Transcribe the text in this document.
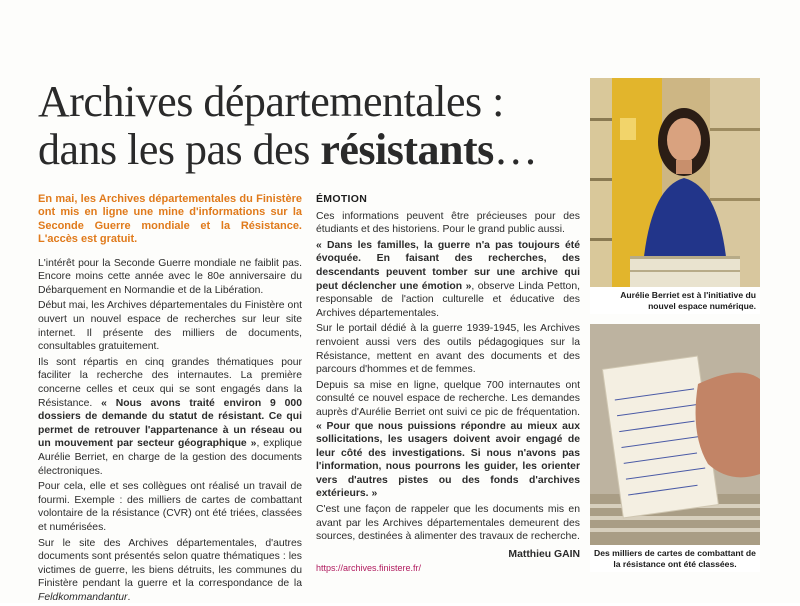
Archives départementales :
dans les pas des résistants…

En mai, les Archives départementales du Finistère ont mis en ligne une mine d'informations sur la Seconde Guerre mondiale et la Résistance. L'accès est gratuit.

L'intérêt pour la Seconde Guerre mondiale ne faiblit pas. Encore moins cette année avec le 80e anniversaire du Débarquement en Normandie et de la Libération.

Début mai, les Archives départementales du Finistère ont ouvert un nouvel espace de recherches sur leur site internet. Il présente des milliers de documents, consultables gratuitement.

Ils sont répartis en cinq grandes thématiques pour faciliter la recherche des internautes. La première concerne celles et ceux qui se sont engagés dans la Résistance. « Nous avons traité environ 9 000 dossiers de demande du statut de résistant. Ce qui permet de retrouver l'appartenance à un réseau ou un mouvement par secteur géographique », explique Aurélie Berriet, en charge de la gestion des documents électroniques.

Pour cela, elle et ses collègues ont réalisé un travail de fourmi. Exemple : des milliers de cartes de combattant volontaire de la résistance (CVR) ont été triées, classées et numérisées.

Sur le site des Archives départementales, d'autres documents sont présentés selon quatre thématiques : les victimes de guerre, les biens détruits, les communes du Finistère pendant la guerre et la correspondance de la Feldkommandantur.

ÉMOTION

Ces informations peuvent être précieuses pour des étudiants et des historiens. Pour le grand public aussi.

« Dans les familles, la guerre n'a pas toujours été évoquée. En faisant des recherches, des descendants peuvent tomber sur une archive qui peut déclencher une émotion », observe Linda Petton, responsable de l'action culturelle et éducative des Archives départementales.

Sur le portail dédié à la guerre 1939-1945, les Archives renvoient aussi vers des outils pédagogiques sur la Résistance, mettent en avant des documents et des parcours d'hommes et de femmes.

Depuis sa mise en ligne, quelque 700 internautes ont consulté ce nouvel espace de recherche. Les demandes auprès d'Aurélie Berriet ont suivi ce pic de fréquentation. « Pour que nous puissions répondre au mieux aux sollicitations, les usagers doivent avoir engagé de leur côté des investigations. Si nous n'avons pas l'information, nous pourrons les guider, les orienter vers d'autres pistes ou des fonds d'archives extérieurs. »

C'est une façon de rappeler que les documents mis en avant par les Archives départementales demeurent des sources, destinées à alimenter des travaux de recherche.

Matthieu GAIN

https://archives.finistere.fr/
Aurélie Berriet est à l'initiative du nouvel espace numérique.
Des milliers de cartes de combattant de la résistance ont été classées.
